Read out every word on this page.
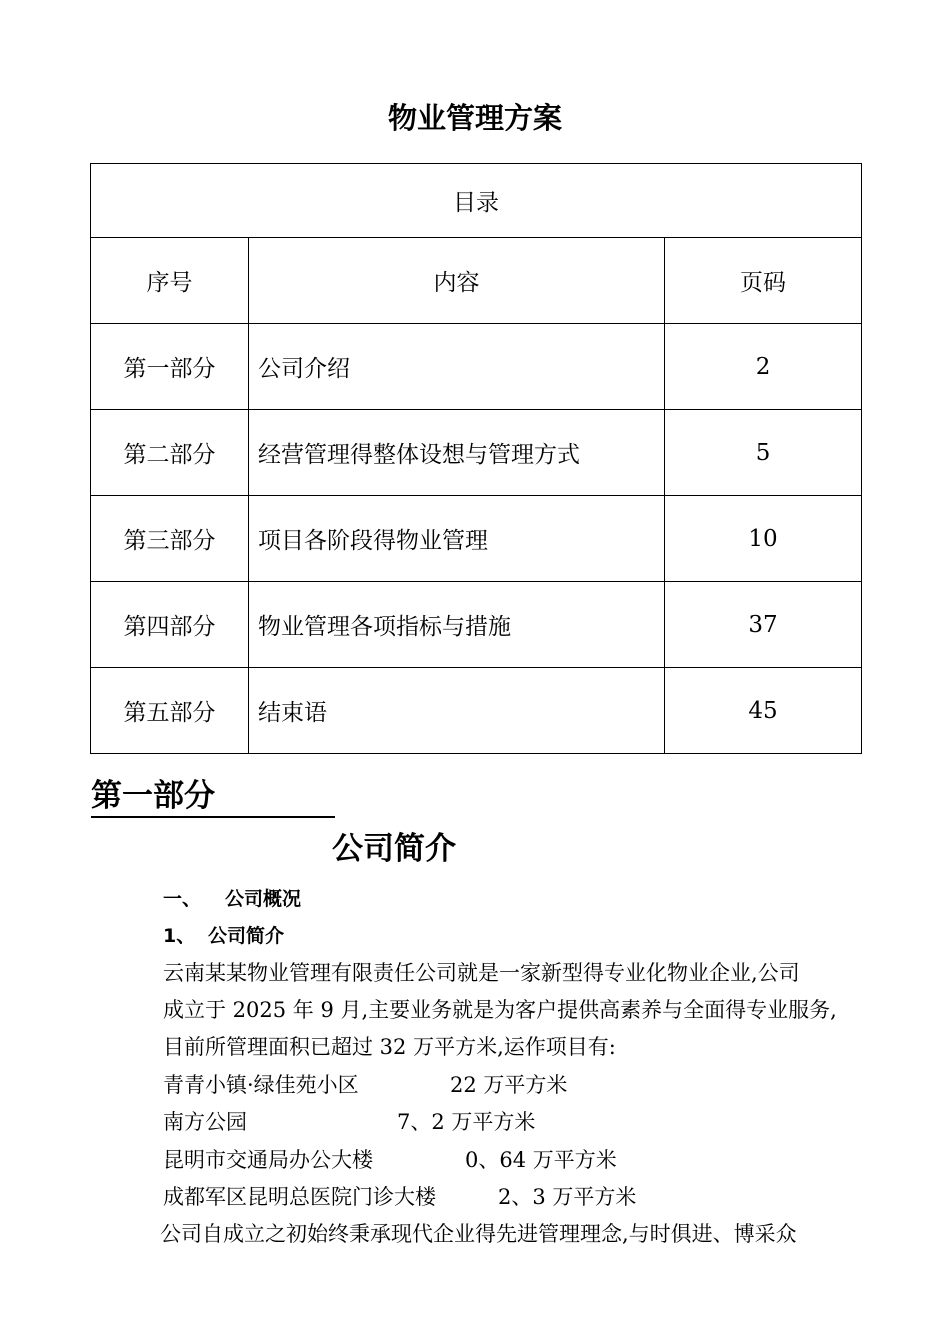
物业管理方案
目录		
序号	内容	页码
第一部分	公司介绍	2
第二部分	经营管理得整体设想与管理方式	5
第三部分	项目各阶段得物业管理	10
第四部分	物业管理各项指标与措施	37
第五部分	结束语	45
第一部分
公司简介
一、 公司概况
1、 公司简介
云南某某物业管理有限责任公司就是一家新型得专业化物业企业,公司
成立于 2025 年 9 月,主要业务就是为客户提供高素养与全面得专业服务,
目前所管理面积已超过 32 万平方米,运作项目有:
青青小镇·绿佳苑小区	22 万平方米
南方公园	7、2 万平方米
昆明市交通局办公大楼	0、64 万平方米
成都军区昆明总医院门诊大楼	2、3 万平方米
公司自成立之初始终秉承现代企业得先进管理理念,与时俱进、博采众
